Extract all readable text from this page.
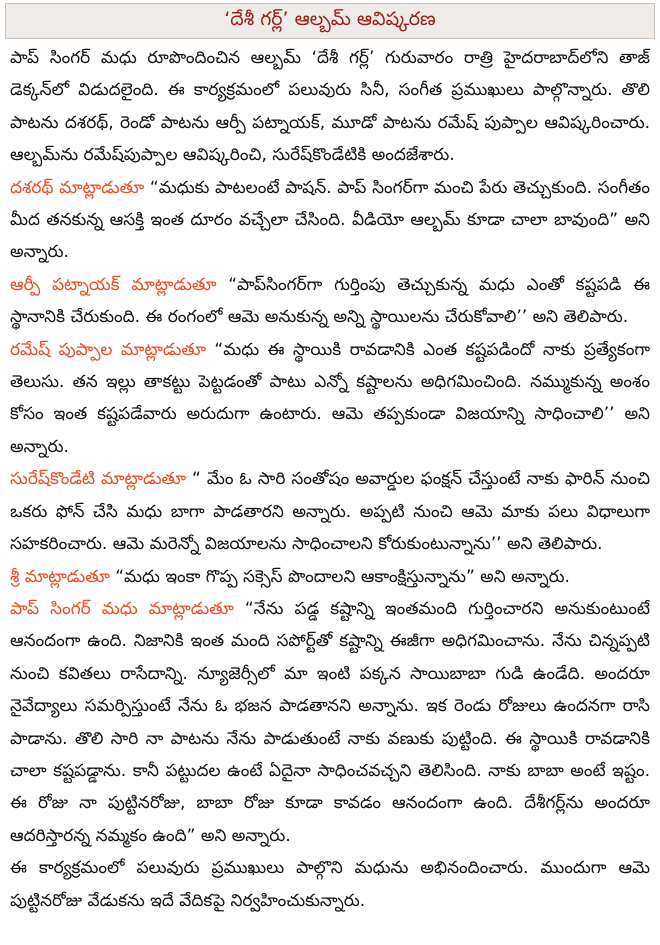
‘దేశీ గర్ల్’ ఆల్బమ్ ఆవిష్కరణ

పాప్ సింగర్ మధు రూపొందించిన ఆల్బమ్ ‘దేశీ గర్ల్’ గురువారం రాత్రి హైదరాబాద్‌లోని తాజ్ డెక్కన్‌లో విడుదలైంది. ఈ కార్యక్రమంలో పలువురు సినీ, సంగీత ప్రముఖులు పాల్గొన్నారు. తొలి పాటను దశరథ్, రెండో పాటను ఆర్పీ పట్నాయక్, మూడో పాటను రమేష్ పుప్పాల ఆవిష్కరించారు. ఆల్బమ్‌ను రమేష్‌పుప్పాల ఆవిష్కరించి, సురేష్‌కొండేటికి అందజేశారు.

దశరథ్ మాట్లాడుతూ “మధుకు పాటలంటే పాషన్. పాప్ సింగర్‌గా మంచి పేరు తెచ్చుకుంది. సంగీతం మీద తనకున్న ఆసక్తి ఇంత దూరం వచ్చేలా చేసింది. వీడియో ఆల్బమ్ కూడా చాలా బావుంది” అని అన్నారు.

ఆర్పీ పట్నాయక్ మాట్లాడుతూ “పాప్‌సింగర్‌గా గుర్తింపు తెచ్చుకున్న మధు ఎంతో కష్టపడి ఈ స్థానానికి చేరుకుంది. ఈ రంగంలో ఆమె అనుకున్న అన్ని స్థాయిలను చేరుకోవాలి’’ అని తెలిపారు.

రమేష్ పుప్పాల మాట్లాడుతూ “మధు ఈ స్థాయికి రావడానికి ఎంత కష్టపడిందో నాకు ప్రత్యేకంగా తెలుసు. తన ఇల్లు తాకట్టు పెట్టడంతో పాటు ఎన్నో కష్టాలను అధిగమించింది. నమ్ముకున్న అంశం కోసం ఇంత కష్టపడేవారు అరుదుగా ఉంటారు. ఆమె తప్పకుండా విజయాన్ని సాధించాలి’’ అని అన్నారు.

సురేష్‌కొండేటి మాట్లాడుతూ “ మేం ఓ సారి సంతోషం అవార్డుల ఫంక్షన్ చేస్తుంటే నాకు ఫారిన్ నుంచి ఒకరు ఫోన్ చేసి మధు బాగా పాడతారని అన్నారు. అప్పటి నుంచి ఆమె మాకు పలు విధాలుగా సహకరించారు. ఆమె మరెన్నో విజయాలను సాధించాలని కోరుకుంటున్నాను’’ అని తెలిపారు.

శ్రీ మాట్లాడుతూ “మధు ఇంకా గొప్ప సక్సెస్ పొందాలని ఆకాంక్షిస్తున్నాను” అని అన్నారు.

పాప్ సింగర్ మధు మాట్లాడుతూ “నేను పడ్డ కష్టాన్ని ఇంతమంది గుర్తించారని అనుకుంటుంటే ఆనందంగా ఉంది. నిజానికి ఇంత మంది సపోర్ట్‌తో కష్టాన్ని ఈజీగా అధిగమించాను. నేను చిన్నప్పటి నుంచి కవితలు రాసేదాన్ని. న్యూజెర్సీలో మా ఇంటి పక్కన సాయిబాబా గుడి ఉండేది. అందరూ నైవేద్యాలు సమర్పిస్తుంటే నేను ఓ భజన పాడతానని అన్నాను. ఇక రెండు రోజులు ఉందనగా రాసి పాడాను. తొలి సారి నా పాటను నేను పాడుతుంటే నాకు వణుకు పుట్టింది. ఈ స్థాయికి రావడానికి చాలా కష్టపడ్డాను. కానీ పట్టుదల ఉంటే ఏదైనా సాధించవచ్చని తెలిసింది. నాకు బాబా అంటే ఇష్టం. ఈ రోజు నా పుట్టినరోజు, బాబా రోజు కూడా కావడం ఆనందంగా ఉంది. దేశీగర్ల్‌ను అందరూ ఆదరిస్తారన్న నమ్మకం ఉంది” అని అన్నారు.

ఈ కార్యక్రమంలో పలువురు ప్రముఖులు పాల్గొని మధును అభినందించారు. ముందుగా ఆమె పుట్టినరోజు వేడుకను ఇదే వేదికపై నిర్వహించుకున్నారు.
